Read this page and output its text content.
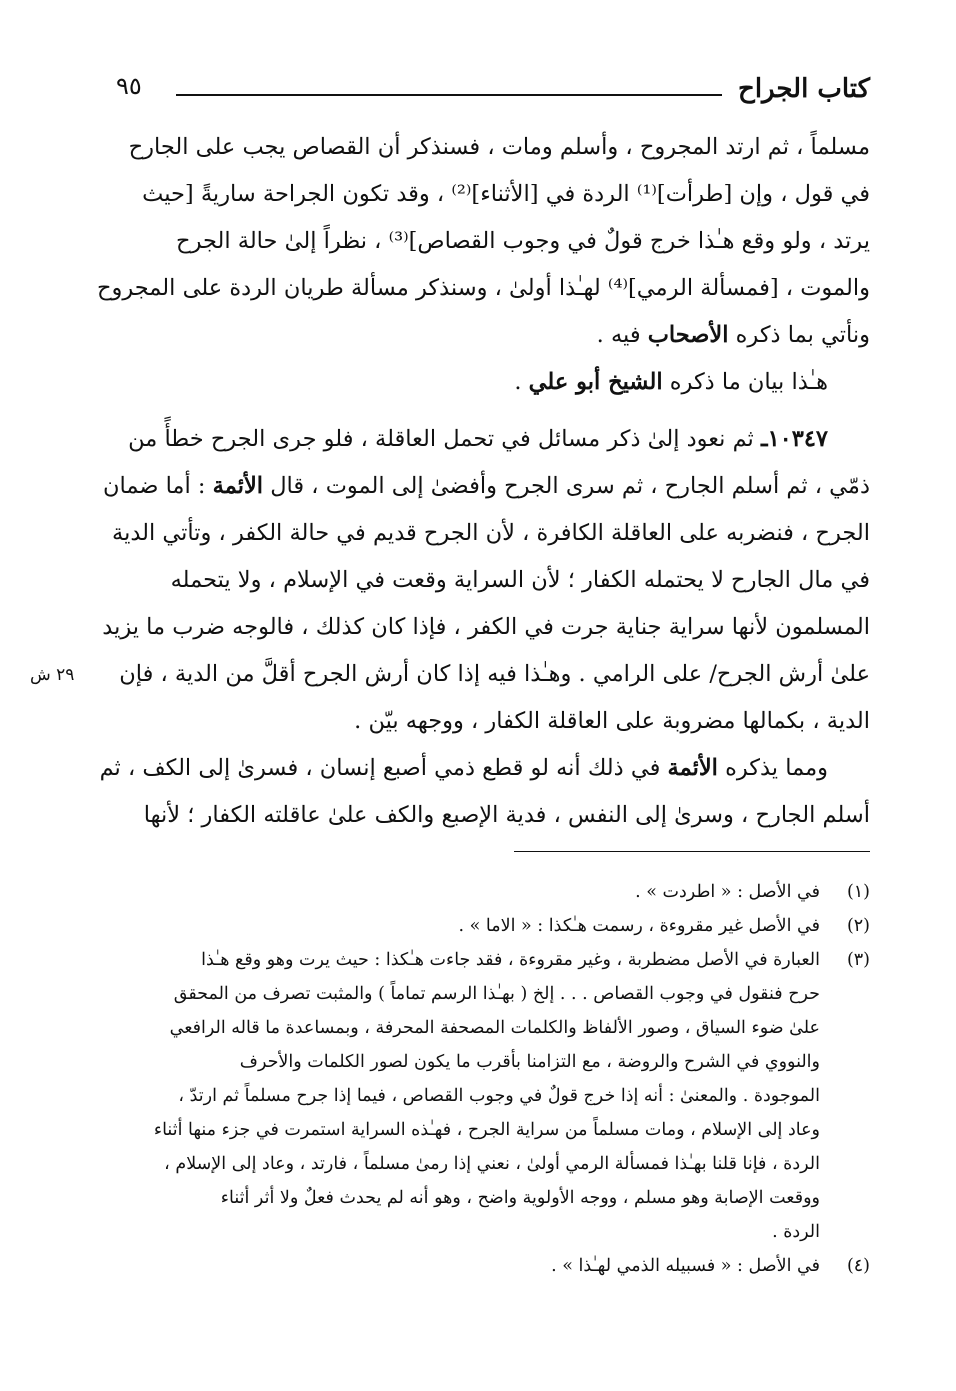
كتاب الجراح
٩٥
مسلماً ، ثم ارتد المجروح ، وأسلم ومات ، فسنذكر أن القصاص يجب على الجارح
في قول ، وإن [طرأت]⁽¹⁾ الردة في [الأثناء]⁽²⁾ ، وقد تكون الجراحة ساريةً [حيث
يرتد ، ولو وقع هـٰذا خرج قولٌ في وجوب القصاص]⁽³⁾ ، نظراً إلىٰ حالة الجرح
والموت ، [فمسألة الرمي]⁽⁴⁾ لهـٰذا أولىٰ ، وسنذكر مسألة طريان الردة على المجروح
ونأتي بما ذكره الأصحاب فيه .
هـٰذا بيان ما ذكره الشيخ أبو علي .
١٠٣٤٧ـ ثم نعود إلىٰ ذكر مسائل في تحمل العاقلة ، فلو جرى الجرح خطأً من
ذمّي ، ثم أسلم الجارح ، ثم سرى الجرح وأفضىٰ إلى الموت ، قال الأئمة : أما ضمان
الجرح ، فنضربه على العاقلة الكافرة ، لأن الجرح قديم في حالة الكفر ، وتأتي الدية
في مال الجارح لا يحتمله الكفار ؛ لأن السراية وقعت في الإسلام ، ولا يتحمله
المسلمون لأنها سراية جناية جرت في الكفر ، فإذا كان كذلك ، فالوجه ضرب ما يزيد
علىٰ أرش الجرح/ على الرامي . وهـٰذا فيه إذا كان أرش الجرح أقلَّ من الدية ، فإن
الدية ، بكمالها مضروبة على العاقلة الكفار ، ووجهه بيّن .
ومما يذكره الأئمة في ذلك أنه لو قطع ذمي أصبع إنسان ، فسرىٰ إلى الكف ، ثم
أسلم الجارح ، وسرىٰ إلى النفس ، فدية الإصبع والكف علىٰ عاقلته الكفار ؛ لأنها
٢٩ ش
(١)
في الأصل : « اطردت » .
(٢)
في الأصل غير مقروءة ، رسمت هـٰكذا : « الاما » .
(٣)
العبارة في الأصل مضطربة ، وغير مقروءة ، فقد جاءت هـٰكذا : حيث يرت وهو وقع هـٰذا
حرح فنقول في وجوب القصاص . . . إلخ ( بهـٰذا الرسم تماماً ) والمثبت تصرف من المحقق
علىٰ ضوء السياق ، وصور الألفاظ والكلمات المصحفة المحرفة ، وبمساعدة ما قاله الرافعي
والنووي في الشرح والروضة ، مع التزامنا بأقرب ما يكون لصور الكلمات والأحرف
الموجودة . والمعنىٰ : أنه إذا خرج قولٌ في وجوب القصاص ، فيما إذا جرح مسلماً ثم ارتدّ ،
وعاد إلى الإسلام ، ومات مسلماً من سراية الجرح ، فهـٰذه السراية استمرت في جزء منها أثناء
الردة ، فإنا قلنا بهـٰذا فمسألة الرمي أولىٰ ، نعني إذا رمىٰ مسلماً ، فارتد ، وعاد إلى الإسلام ،
ووقعت الإصابة وهو مسلم ، ووجه الأولوية واضح ، وهو أنه لم يحدث فعلٌ ولا أثر أثناء
الردة .
(٤)
في الأصل : « فسبيله الذمي لهـٰذا » .
